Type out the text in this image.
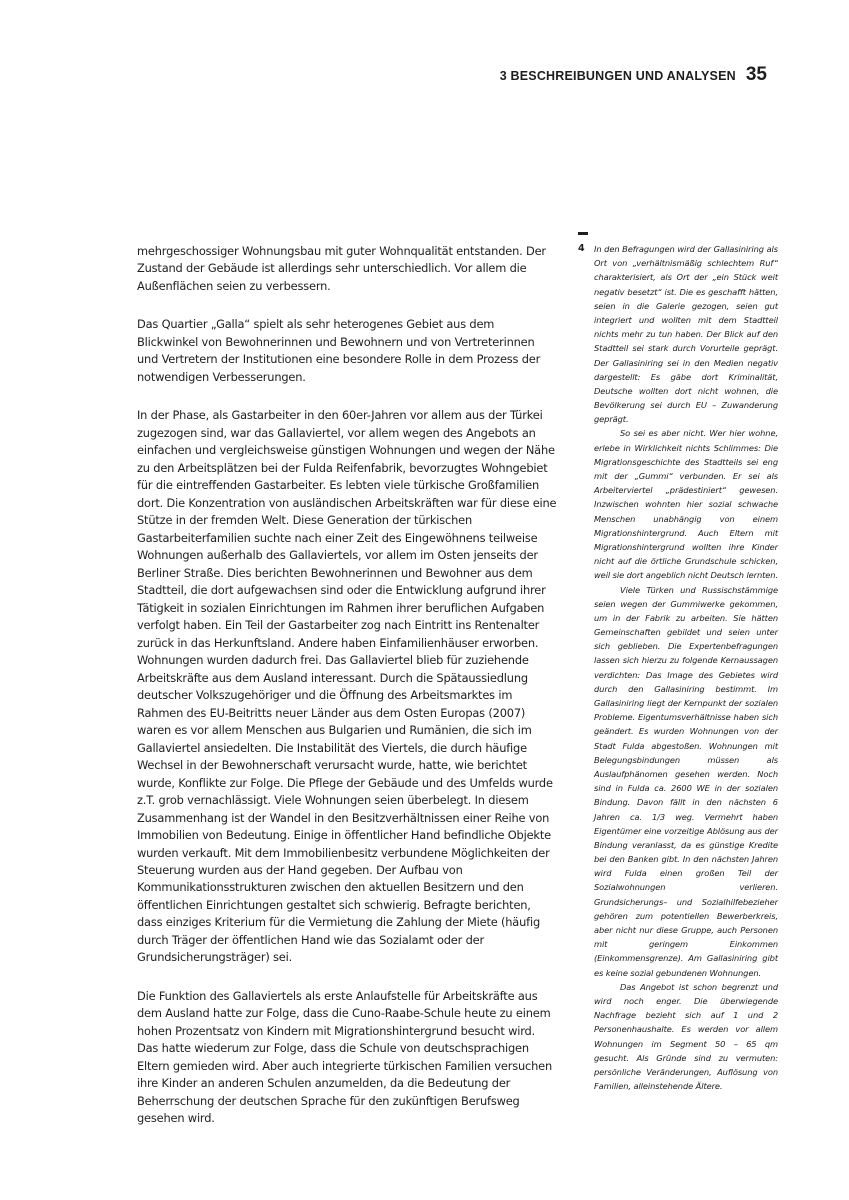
3 BESCHREIBUNGEN UND ANALYSEN 35

mehrgeschossiger Wohnungsbau mit guter Wohnqualität entstanden. Der Zustand der Gebäude ist allerdings sehr unterschiedlich. Vor allem die Außenflächen seien zu verbessern.

Das Quartier „Galla“ spielt als sehr heterogenes Gebiet aus dem Blickwinkel von Bewohnerinnen und Bewohnern und von Vertreterinnen und Vertretern der Institutionen eine besondere Rolle in dem Prozess der notwendigen Verbesserungen.

In der Phase, als Gastarbeiter in den 60er-Jahren vor allem aus der Türkei zugezogen sind, war das Gallaviertel, vor allem wegen des Angebots an einfachen und vergleichsweise günstigen Wohnungen und wegen der Nähe zu den Arbeitsplätzen bei der Fulda Reifenfabrik, bevorzugtes Wohngebiet für die eintreffenden Gastarbeiter. Es lebten viele türkische Großfamilien dort. Die Konzentration von ausländischen Arbeitskräften war für diese eine Stütze in der fremden Welt. Diese Generation der türkischen Gastarbeiterfamilien suchte nach einer Zeit des Eingewöhnens teilweise Wohnungen außerhalb des Gallaviertels, vor allem im Osten jenseits der Berliner Straße. Dies berichten Bewohnerinnen und Bewohner aus dem Stadtteil, die dort aufgewachsen sind oder die Entwicklung aufgrund ihrer Tätigkeit in sozialen Einrichtungen im Rahmen ihrer beruflichen Aufgaben verfolgt haben. Ein Teil der Gastarbeiter zog nach Eintritt ins Rentenalter zurück in das Herkunftsland. Andere haben Einfamilienhäuser erworben. Wohnungen wurden dadurch frei. Das Gallaviertel blieb für zuziehende Arbeitskräfte aus dem Ausland interessant. Durch die Spätaussiedlung deutscher Volkszugehöriger und die Öffnung des Arbeitsmarktes im Rahmen des EU-Beitritts neuer Länder aus dem Osten Europas (2007) waren es vor allem Menschen aus Bulgarien und Rumänien, die sich im Gallaviertel ansiedelten. Die Instabilität des Viertels, die durch häufige Wechsel in der Bewohnerschaft verursacht wurde, hatte, wie berichtet wurde, Konflikte zur Folge. Die Pflege der Gebäude und des Umfelds wurde z.T. grob vernachlässigt. Viele Wohnungen seien überbelegt. In diesem Zusammenhang ist der Wandel in den Besitzverhältnissen einer Reihe von Immobilien von Bedeutung. Einige in öffentlicher Hand befindliche Objekte wurden verkauft. Mit dem Immobilienbesitz verbundene Möglichkeiten der Steuerung wurden aus der Hand gegeben. Der Aufbau von Kommunikationsstrukturen zwischen den aktuellen Besitzern und den öffentlichen Einrichtungen gestaltet sich schwierig. Befragte berichten, dass einziges Kriterium für die Vermietung die Zahlung der Miete (häufig durch Träger der öffentlichen Hand wie das Sozialamt oder der Grundsicherungsträger) sei.

Die Funktion des Gallaviertels als erste Anlaufstelle für Arbeitskräfte aus dem Ausland hatte zur Folge, dass die Cuno-Raabe-Schule heute zu einem hohen Prozentsatz von Kindern mit Migrationshintergrund besucht wird. Das hatte wiederum zur Folge, dass die Schule von deutschsprachigen Eltern gemieden wird. Aber auch integrierte türkischen Familien versuchen ihre Kinder an anderen Schulen anzumelden, da die Bedeutung der Beherrschung der deutschen Sprache für den zukünftigen Berufsweg gesehen wird.

4 In den Befragungen wird der Gallasiniring als Ort von „verhältnismäßig schlechtem Ruf“ charakterisiert, als Ort der „ein Stück weit negativ besetzt“ ist. Die es geschafft hätten, seien in die Galerie gezogen, seien gut integriert und wollten mit dem Stadtteil nichts mehr zu tun haben. Der Blick auf den Stadtteil sei stark durch Vorurteile geprägt. Der Gallasiniring sei in den Medien negativ dargestellt: Es gäbe dort Kriminalität, Deutsche wollten dort nicht wohnen, die Bevölkerung sei durch EU – Zuwanderung geprägt.

So sei es aber nicht. Wer hier wohne, erlebe in Wirklichkeit nichts Schlimmes: Die Migrationsgeschichte des Stadtteils sei eng mit der „Gummi“ verbunden. Er sei als Arbeiterviertel „prädestiniert“ gewesen. Inzwischen wohnten hier sozial schwache Menschen unabhängig von einem Migrationshintergrund. Auch Eltern mit Migrationshintergrund wollten ihre Kinder nicht auf die örtliche Grundschule schicken, weil sie dort angeblich nicht Deutsch lernten.

Viele Türken und Russischstämmige seien wegen der Gummiwerke gekommen, um in der Fabrik zu arbeiten. Sie hätten Gemeinschaften gebildet und seien unter sich geblieben. Die Expertenbefragungen lassen sich hierzu zu folgende Kernaussagen verdichten: Das Image des Gebietes wird durch den Gallasiniring bestimmt. Im Gallasiniring liegt der Kernpunkt der sozialen Probleme. Eigentumsverhältnisse haben sich geändert. Es wurden Wohnungen von der Stadt Fulda abgestoßen. Wohnungen mit Belegungsbindungen müssen als Auslaufphänomen gesehen werden. Noch sind in Fulda ca. 2600 WE in der sozialen Bindung. Davon fällt in den nächsten 6 Jahren ca. 1/3 weg. Vermehrt haben Eigentümer eine vorzeitige Ablösung aus der Bindung veranlasst, da es günstige Kredite bei den Banken gibt. In den nächsten Jahren wird Fulda einen großen Teil der Sozialwohnungen verlieren. Grundsicherungs– und Sozialhilfebezieher gehören zum potentiellen Bewerberkreis, aber nicht nur diese Gruppe, auch Personen mit geringem Einkommen (Einkommensgrenze). Am Gallasiniring gibt es keine sozial gebundenen Wohnungen.

Das Angebot ist schon begrenzt und wird noch enger. Die überwiegende Nachfrage bezieht sich auf 1 und 2 Personenhaushalte. Es werden vor allem Wohnungen im Segment 50 – 65 qm gesucht. Als Gründe sind zu vermuten: persönliche Veränderungen, Auflösung von Familien, alleinstehende Ältere.
